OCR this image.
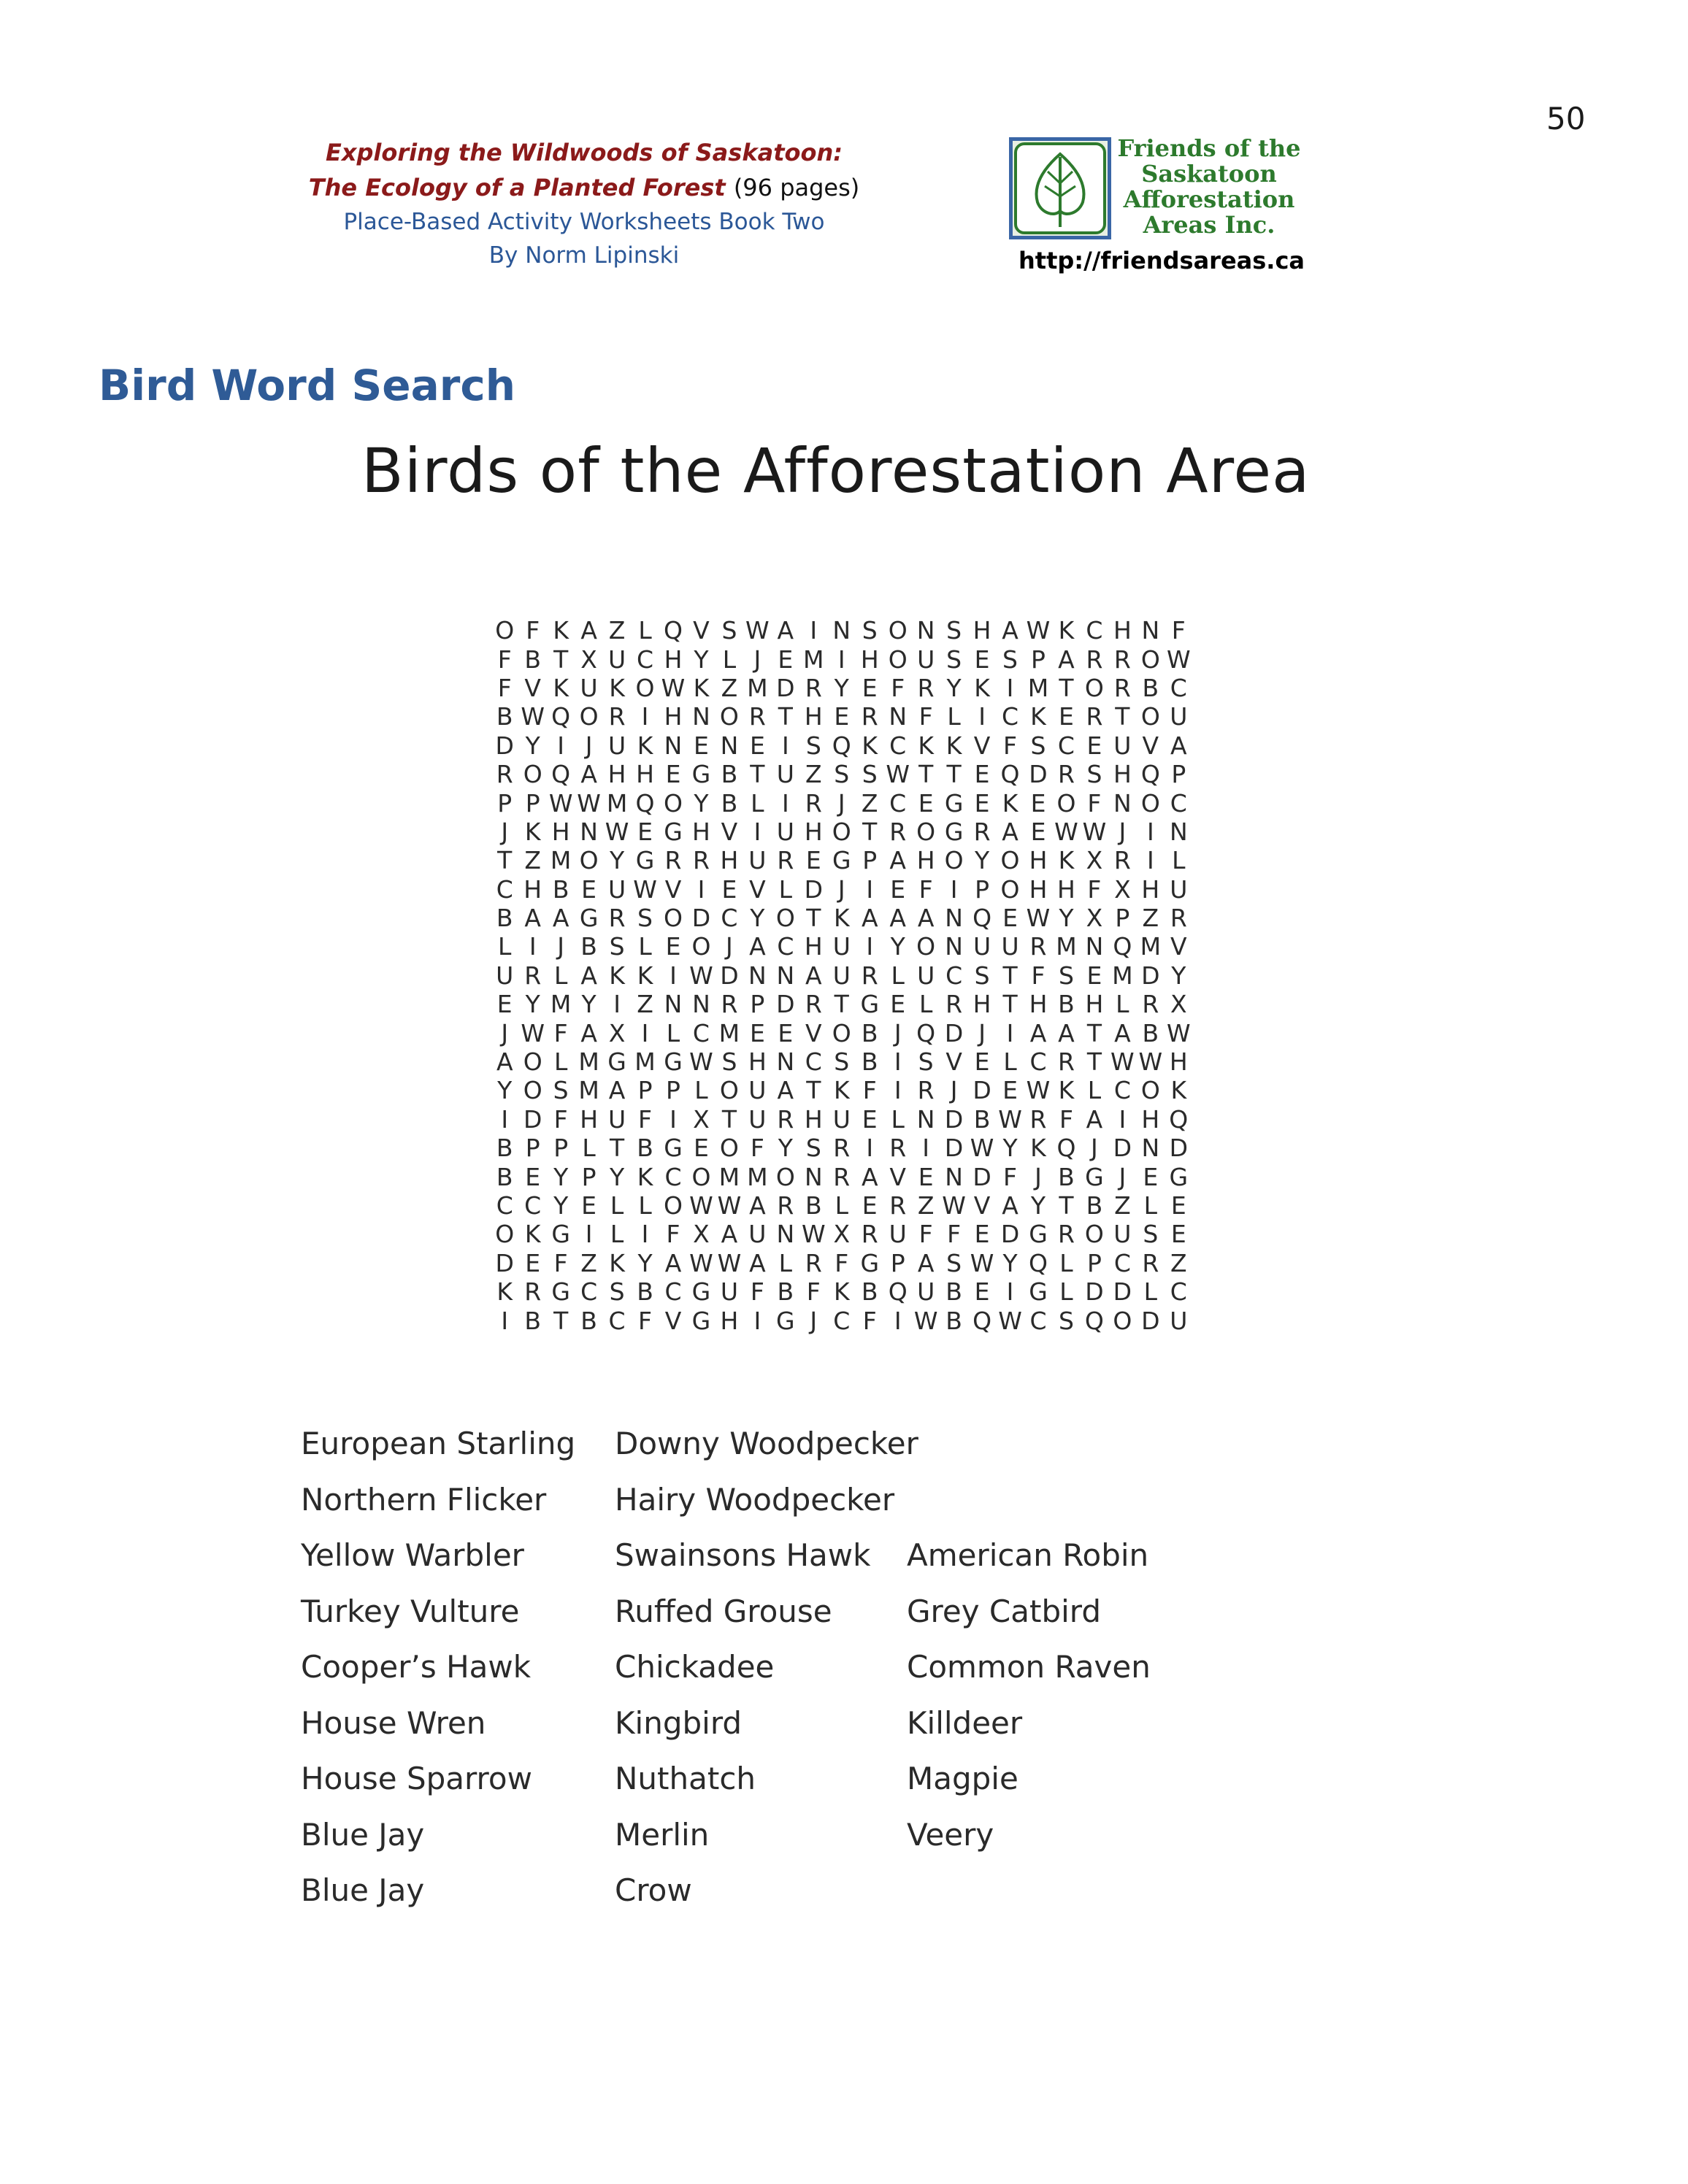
50
Exploring the Wildwoods of Saskatoon:
The Ecology of a Planted Forest (96 pages)
Place-Based Activity Worksheets Book Two
By Norm Lipinski
Friends of the
Saskatoon
Afforestation
Areas Inc.
http://friendsareas.ca
Bird Word Search
Birds of the Afforestation Area
O F K A Z L Q V S W A I N S O N S H A W K C H N F
F B T X U C H Y L J E M I H O U S E S P A R R O W
F V K U K O W K Z M D R Y E F R Y K I M T O R B C
B W Q O R I H N O R T H E R N F L I C K E R T O U
D Y I J U K N E N E I S Q K C K K V F S C E U V A
R O Q A H H E G B T U Z S S W T T E Q D R S H Q P
P P W W M Q O Y B L I R J Z C E G E K E O F N O C
J K H N W E G H V I U H O T R O G R A E W W J I N
T Z M O Y G R R H U R E G P A H O Y O H K X R I L
C H B E U W V I E V L D J I E F I P O H H F X H U
B A A G R S O D C Y O T K A A A N Q E W Y X P Z R
L I J B S L E O J A C H U I Y O N U U R M N Q M V
U R L A K K I W D N N A U R L U C S T F S E M D Y
E Y M Y I Z N N R P D R T G E L R H T H B H L R X
J W F A X I L C M E E V O B J Q D J I A A T A B W
A O L M G M G W S H N C S B I S V E L C R T W W H
Y O S M A P P L O U A T K F I R J D E W K L C O K
I D F H U F I X T U R H U E L N D B W R F A I H Q
B P P L T B G E O F Y S R I R I D W Y K Q J D N D
B E Y P Y K C O M M O N R A V E N D F J B G J E G
C C Y E L L O W W A R B L E R Z W V A Y T B Z L E
O K G I L I F X A U N W X R U F F E D G R O U S E
D E F Z K Y A W W A L R F G P A S W Y Q L P C R Z
K R G C S B C G U F B F K B Q U B E I G L D D L C
I B T B C F V G H I G J C F I W B Q W C S Q O D U
European Starling
Northern Flicker
Yellow Warbler
Turkey Vulture
Cooper’s Hawk
House Wren
House Sparrow
Blue Jay
Blue Jay
Downy Woodpecker
Hairy Woodpecker
Swainsons Hawk
Ruffed Grouse
Chickadee
Kingbird
Nuthatch
Merlin
Crow
American Robin
Grey Catbird
Common Raven
Killdeer
Magpie
Veery
